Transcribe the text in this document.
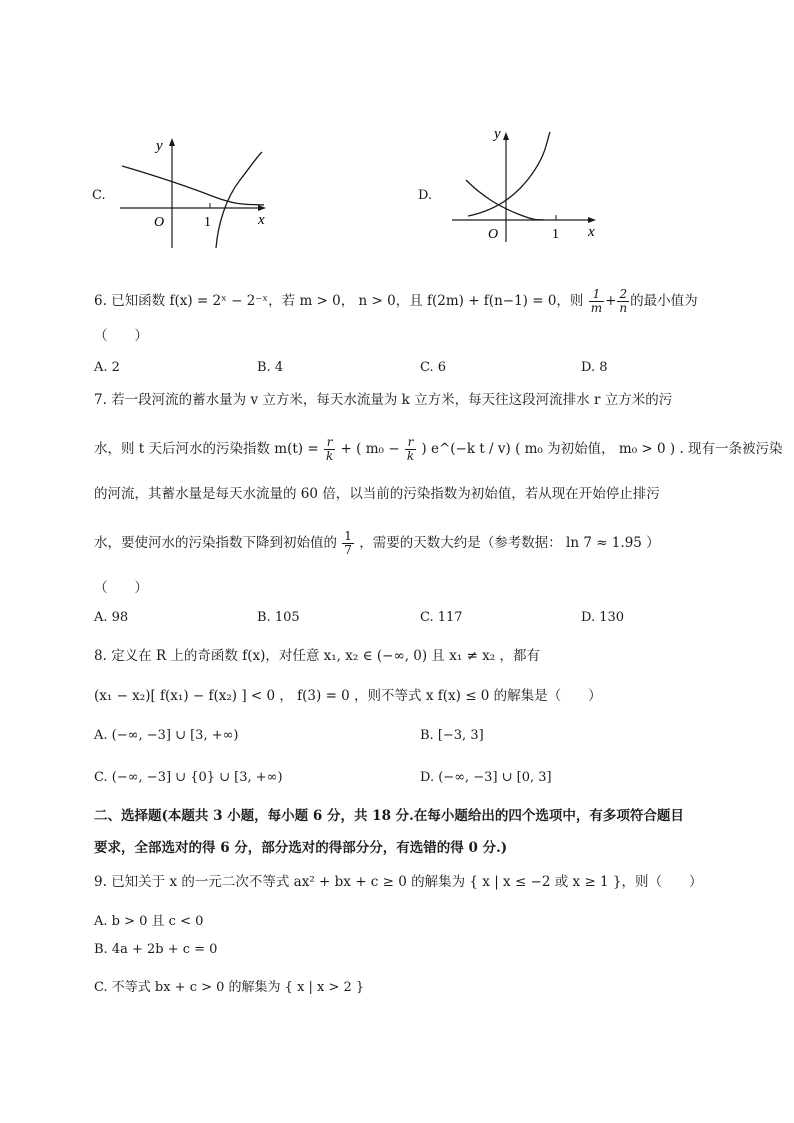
C.
y
x
O	1
D.
y
x
O	1
6. 已知函数 f(x) = 2ˣ − 2⁻ˣ，若 m > 0， n > 0，且 f(2m) + f(n−1) = 0，则 $\frac{1}{m} + \frac{2}{n}$ 的最小值为
（　　）
A. 2	B. 4	C. 6	D. 8
7. 若一段河流的蓄水量为 v 立方米，每天水流量为 k 立方米，每天往这段河流排水 r 立方米的污
水，则 t 天后河水的污染指数 $m(t) = \frac{r}{k}$ + ( $m_0 - \frac{r}{k}$ ) e^(−k t / v) ( m₀ 为初始值， m₀ > 0 ) . 现有一条被污染
的河流，其蓄水量是每天水流量的 60 倍，以当前的污染指数为初始值，若从现在开始停止排污
水，要使河水的污染指数下降到初始值的 $\frac{1}{7}$ ，需要的天数大约是（参考数据： ln 7 ≈ 1.95 ）
（　　）
A. 98	B. 105	C. 117	D. 130
8. 定义在 R 上的奇函数 f(x)，对任意 x₁, x₂ ∈ (−∞, 0) 且 x₁ ≠ x₂ ，都有
(x₁ − x₂)[ f(x₁) − f(x₂) ] < 0 ， f(3) = 0 ，则不等式 x f(x) ≤ 0 的解集是（　　）
A. (−∞, −3] ∪ [3, +∞)	B. [−3, 3]
C. (−∞, −3] ∪ {0} ∪ [3, +∞)	D. (−∞, −3] ∪ [0, 3]
二、选择题(本题共 3 小题，每小题 6 分，共 18 分.在每小题给出的四个选项中，有多项符合题目
要求，全部选对的得 6 分，部分选对的得部分分，有选错的得 0 分.)
9. 已知关于 x 的一元二次不等式 ax² + bx + c ≥ 0 的解集为 { x | x ≤ −2 或 x ≥ 1 }，则（　　）
A. b > 0 且 c < 0
B. 4a + 2b + c = 0
C. 不等式 bx + c > 0 的解集为 { x | x > 2 }
